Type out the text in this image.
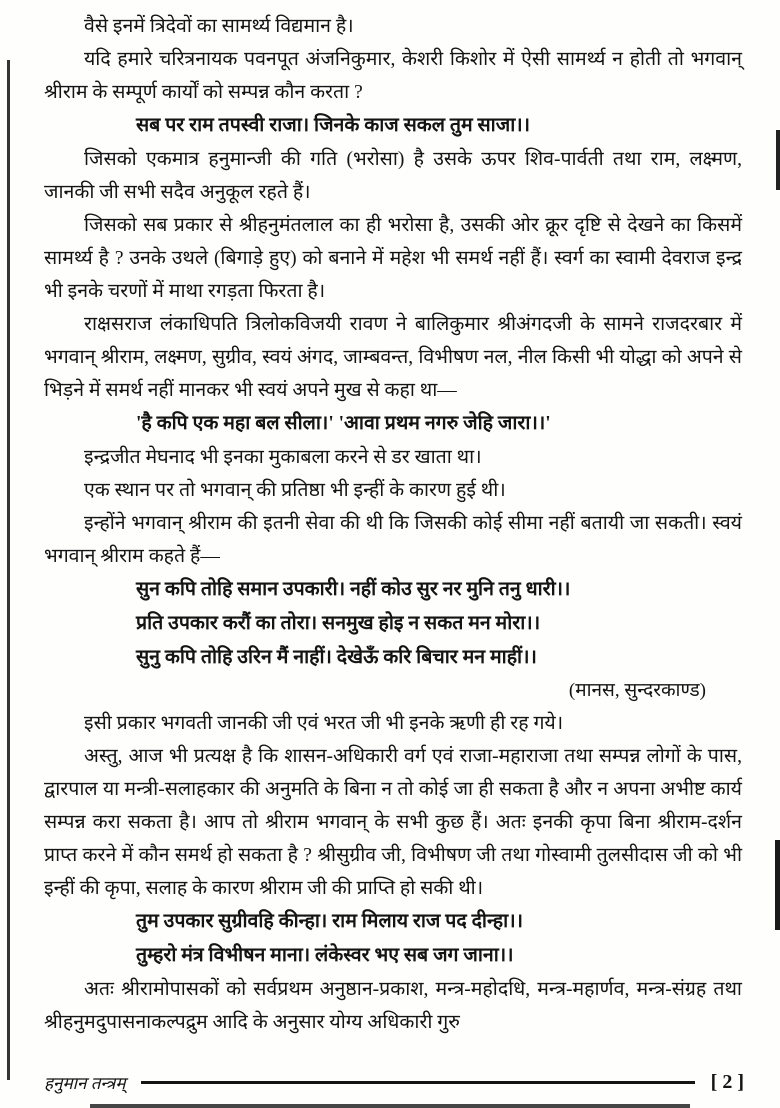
वैसे इनमें त्रिदेवों का सामर्थ्य विद्यमान है।

यदि हमारे चरित्रनायक पवनपूत अंजनिकुमार, केशरी किशोर में ऐसी सामर्थ्य न होती तो भगवान् श्रीराम के सम्पूर्ण कार्यों को सम्पन्न कौन करता ?

सब पर राम तपस्वी राजा। जिनके काज सकल तुम साजा।।

जिसको एकमात्र हनुमान्जी की गति (भरोसा) है उसके ऊपर शिव-पार्वती तथा राम, लक्ष्मण, जानकी जी सभी सदैव अनुकूल रहते हैं।

जिसको सब प्रकार से श्रीहनुमंतलाल का ही भरोसा है, उसकी ओर क्रूर दृष्टि से देखने का किसमें सामर्थ्य है ? उनके उथले (बिगाड़े हुए) को बनाने में महेश भी समर्थ नहीं हैं। स्वर्ग का स्वामी देवराज इन्द्र भी इनके चरणों में माथा रगड़ता फिरता है।

राक्षसराज लंकाधिपति त्रिलोकविजयी रावण ने बालिकुमार श्रीअंगदजी के सामने राजदरबार में भगवान् श्रीराम, लक्ष्मण, सुग्रीव, स्वयं अंगद, जाम्बवन्त, विभीषण नल, नील किसी भी योद्धा को अपने से भिड़ने में समर्थ नहीं मानकर भी स्वयं अपने मुख से कहा था—

'है कपि एक महा बल सीला।' 'आवा प्रथम नगरु जेहि जारा।।'

इन्द्रजीत मेघनाद भी इनका मुकाबला करने से डर खाता था।

एक स्थान पर तो भगवान् की प्रतिष्ठा भी इन्हीं के कारण हुई थी।

इन्होंने भगवान् श्रीराम की इतनी सेवा की थी कि जिसकी कोई सीमा नहीं बतायी जा सकती। स्वयं भगवान् श्रीराम कहते हैं—

सुन कपि तोहि समान उपकारी। नहीं कोउ सुर नर मुनि तनु धारी।।

प्रति उपकार करौं का तोरा। सनमुख होइ न सकत मन मोरा।।

सुनु कपि तोहि उरिन मैं नाहीं। देखेऊँ करि बिचार मन माहीं।।

(मानस, सुन्दरकाण्ड)

इसी प्रकार भगवती जानकी जी एवं भरत जी भी इनके ऋणी ही रह गये।

अस्तु, आज भी प्रत्यक्ष है कि शासन-अधिकारी वर्ग एवं राजा-महाराजा तथा सम्पन्न लोगों के पास, द्वारपाल या मन्त्री-सलाहकार की अनुमति के बिना न तो कोई जा ही सकता है और न अपना अभीष्ट कार्य सम्पन्न करा सकता है। आप तो श्रीराम भगवान् के सभी कुछ हैं। अतः इनकी कृपा बिना श्रीराम-दर्शन प्राप्त करने में कौन समर्थ हो सकता है ? श्रीसुग्रीव जी, विभीषण जी तथा गोस्वामी तुलसीदास जी को भी इन्हीं की कृपा, सलाह के कारण श्रीराम जी की प्राप्ति हो सकी थी।

तुम उपकार सुग्रीवहि कीन्हा। राम मिलाय राज पद दीन्हा।।

तुम्हरो मंत्र विभीषन माना। लंकेस्वर भए सब जग जाना।।

अतः श्रीरामोपासकों को सर्वप्रथम अनुष्ठान-प्रकाश, मन्त्र-महोदधि, मन्त्र-महार्णव, मन्त्र-संग्रह तथा श्रीहनुमदुपासनाकल्पद्रुम आदि के अनुसार योग्य अधिकारी गुरु

हनुमान तन्त्रम्	[ 2 ]
